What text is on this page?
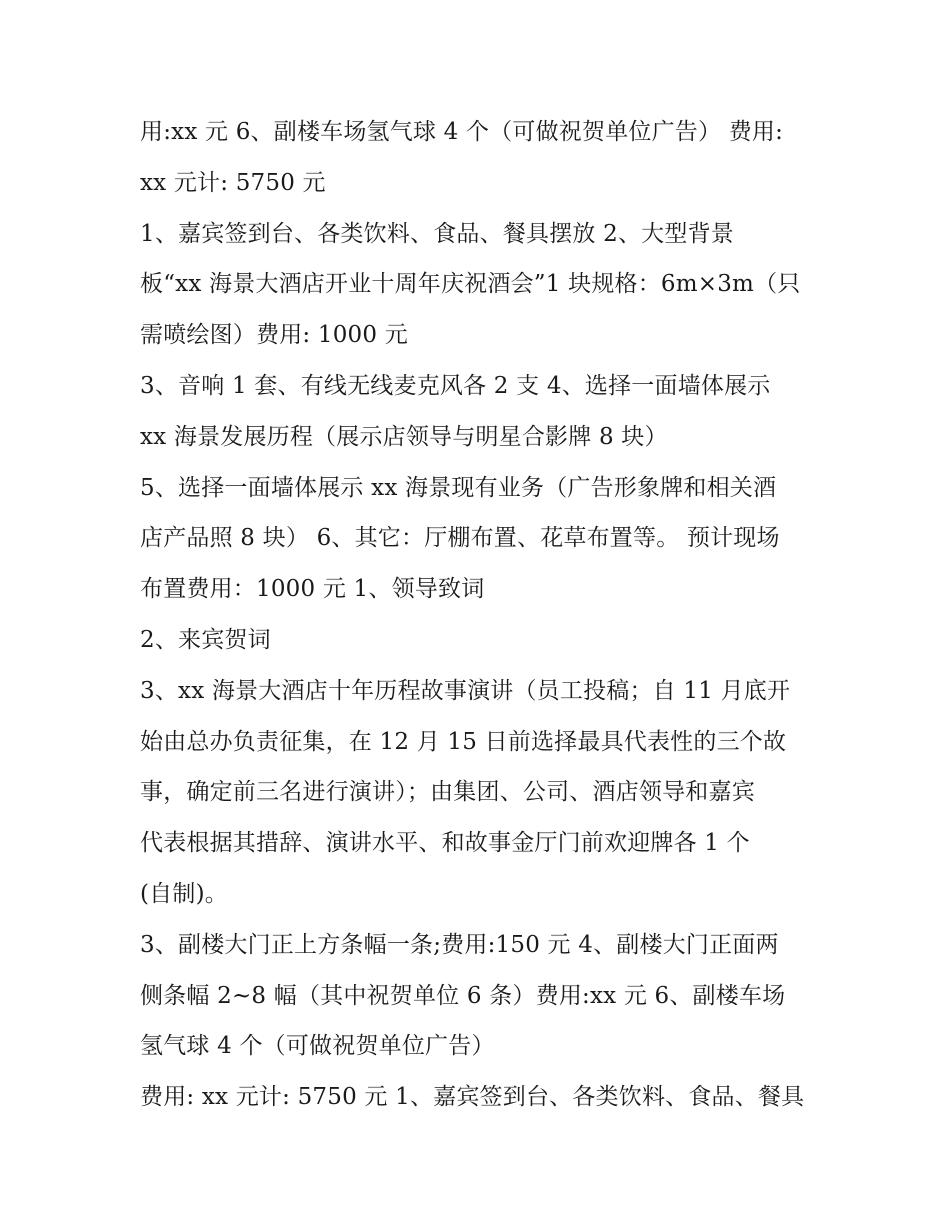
用:xx 元 6、副楼车场氢气球 4 个（可做祝贺单位广告） 费用:
xx 元计: 5750 元
1、嘉宾签到台、各类饮料、食品、餐具摆放 2、大型背景
板“xx 海景大酒店开业十周年庆祝酒会”1 块规格：6m×3m（只
需喷绘图）费用: 1000 元
3、音响 1 套、有线无线麦克风各 2 支 4、选择一面墙体展示
xx 海景发展历程（展示店领导与明星合影牌 8 块）
5、选择一面墙体展示 xx 海景现有业务（广告形象牌和相关酒
店产品照 8 块） 6、其它：厅棚布置、花草布置等。 预计现场
布置费用：1000 元 1、领导致词
2、来宾贺词
3、xx 海景大酒店十年历程故事演讲（员工投稿；自 11 月底开
始由总办负责征集，在 12 月 15 日前选择最具代表性的三个故
事，确定前三名进行演讲）；由集团、公司、酒店领导和嘉宾
代表根据其措辞、演讲水平、和故事金厅门前欢迎牌各 1 个
(自制)。
3、副楼大门正上方条幅一条;费用:150 元 4、副楼大门正面两
侧条幅 2~8 幅（其中祝贺单位 6 条）费用:xx 元 6、副楼车场
氢气球 4 个（可做祝贺单位广告）
费用: xx 元计: 5750 元 1、嘉宾签到台、各类饮料、食品、餐具
